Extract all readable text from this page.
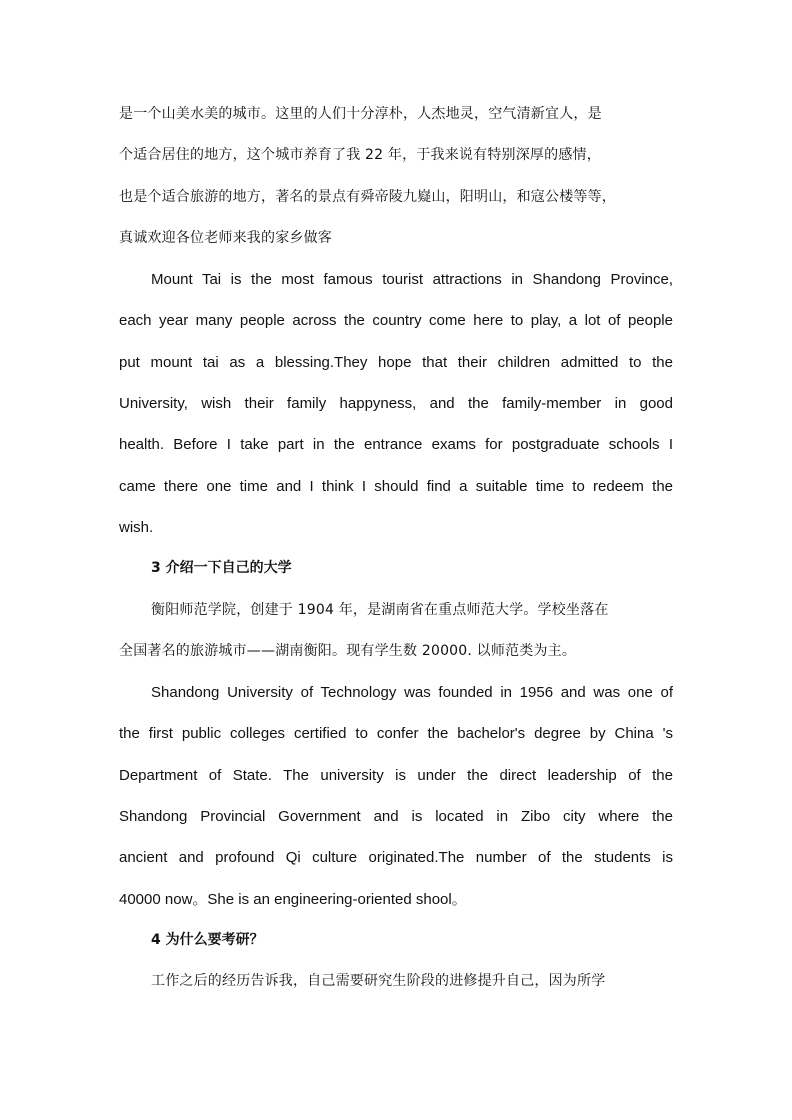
是一个山美水美的城市。这里的人们十分淳朴，人杰地灵，空气清新宜人，是
个适合居住的地方，这个城市养育了我 22 年，于我来说有特别深厚的感情，
也是个适合旅游的地方，著名的景点有舜帝陵九嶷山，阳明山，和寇公楼等等，
真诚欢迎各位老师来我的家乡做客
Mount Tai is the most famous tourist attractions in Shandong Province,
each year many people across the country come here to play, a lot of people
put mount tai as a blessing.They hope that their children admitted to the
University, wish their family happyness, and the family-member in good
health. Before I take part in the entrance exams for postgraduate schools I
came there one time and I think I should find a suitable time to redeem the
wish.
3 介绍一下自己的大学
衡阳师范学院，创建于 1904 年，是湖南省在重点师范大学。学校坐落在
全国著名的旅游城市——湖南衡阳。现有学生数 20000. 以师范类为主。
Shandong University of Technology was founded in 1956 and was one of
the first public colleges certified to confer the bachelor's degree by China 's
Department of State. The university is under the direct leadership of the
Shandong Provincial Government and is located in Zibo city where the
ancient and profound Qi culture originated.The number of the students is
40000 now。She is an engineering-oriented shool。
4 为什么要考研？
工作之后的经历告诉我，自己需要研究生阶段的进修提升自己，因为所学
